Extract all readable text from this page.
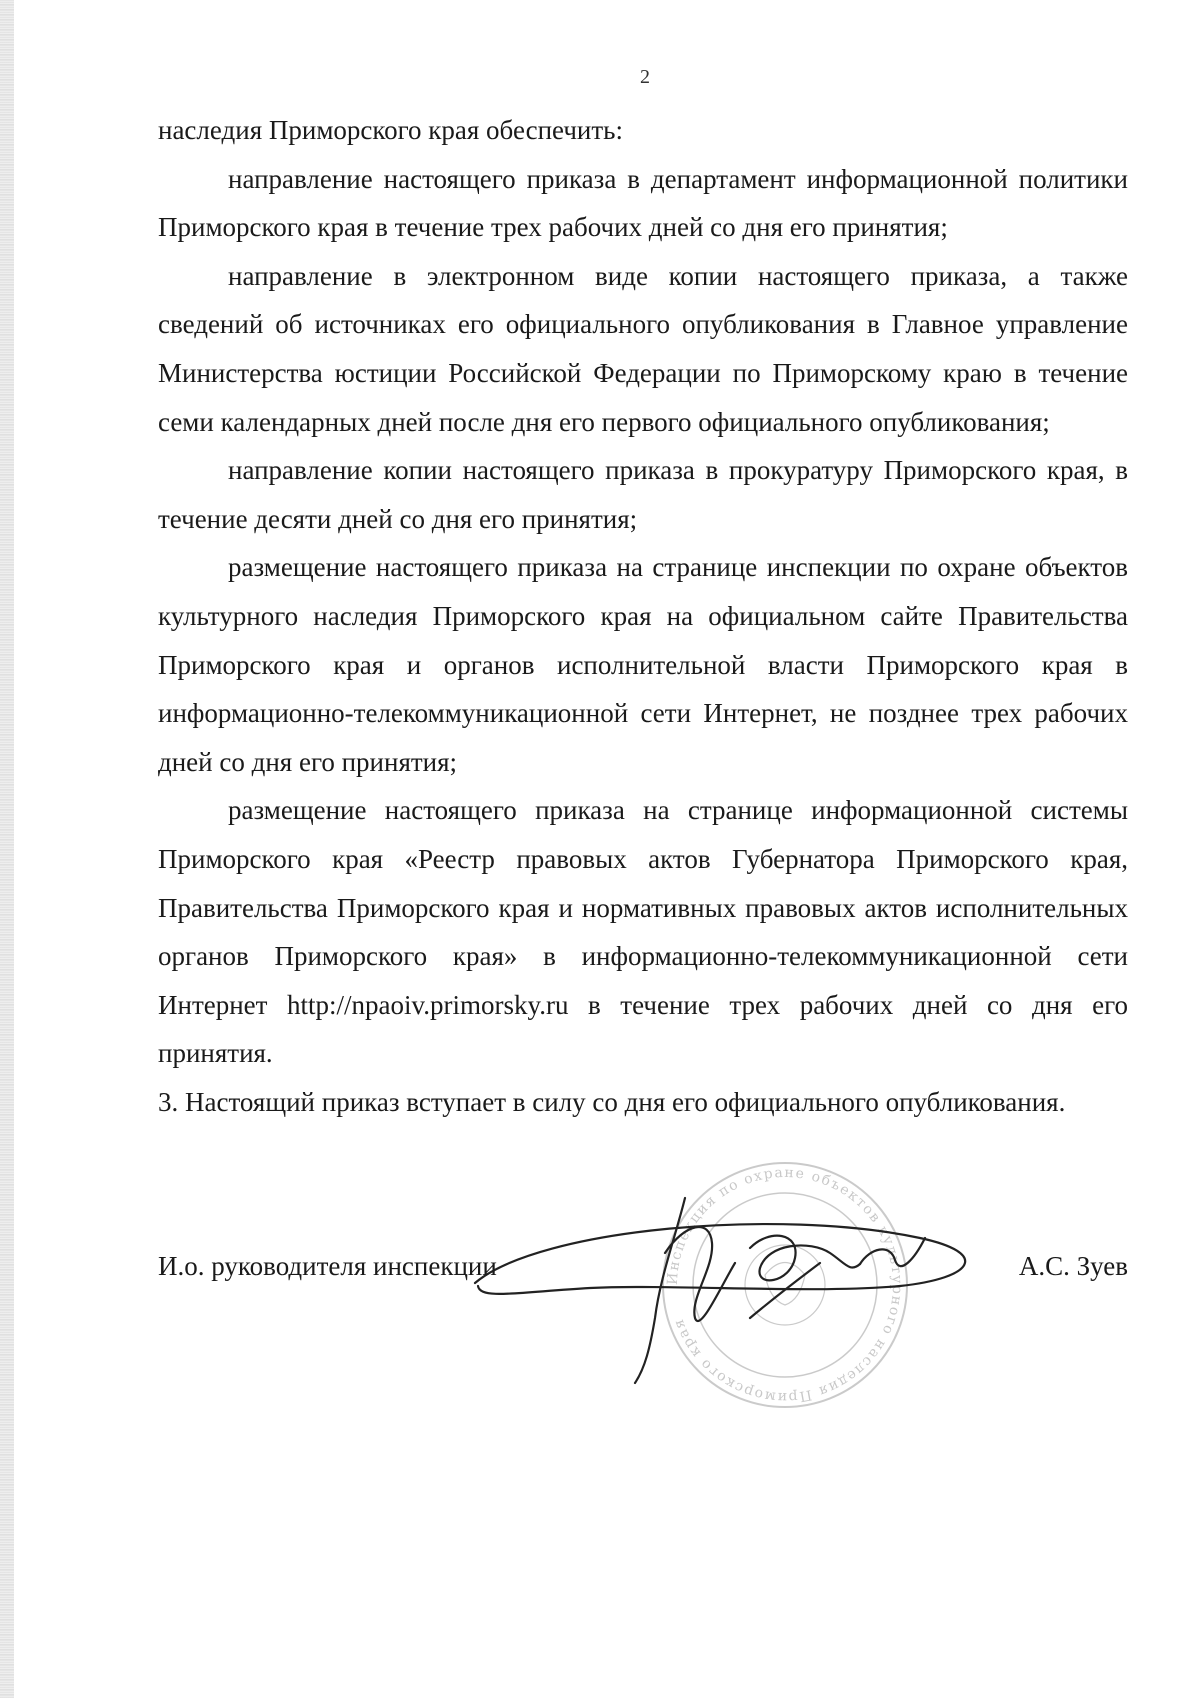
2

наследия Приморского края обеспечить:

направление настоящего приказа в департамент информационной политики Приморского края в течение трех рабочих дней со дня его принятия;

направление в электронном виде копии настоящего приказа, а также сведений об источниках его официального опубликования в Главное управление Министерства юстиции Российской Федерации по Приморскому краю в течение семи календарных дней после дня его первого официального опубликования;

направление копии настоящего приказа в прокуратуру Приморского края, в течение десяти дней со дня его принятия;

размещение настоящего приказа на странице инспекции по охране объектов культурного наследия Приморского края на официальном сайте Правительства Приморского края и органов исполнительной власти Приморского края в информационно-телекоммуникационной сети Интернет, не позднее трех рабочих дней со дня его принятия;

размещение настоящего приказа на странице информационной системы Приморского края «Реестр правовых актов Губернатора Приморского края, Правительства Приморского края и нормативных правовых актов исполнительных органов Приморского края» в информационно-телекоммуникационной сети Интернет http://npaoiv.primorsky.ru в течение трех рабочих дней со дня его принятия.

3. Настоящий приказ вступает в силу со дня его официального опубликования.

Инспекция по охране объектов культурного наследия Приморского края
И.о. руководителя инспекции	А.С. Зуев
